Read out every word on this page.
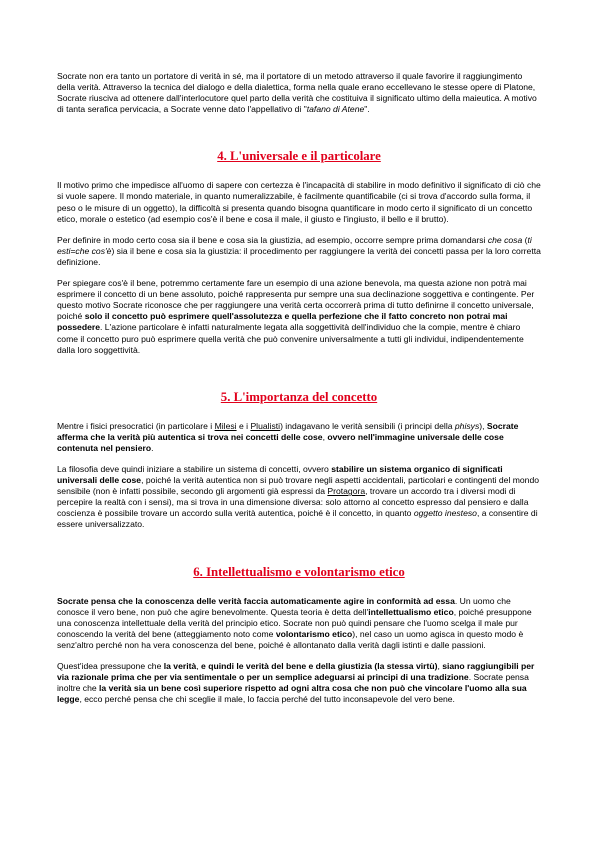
Socrate non era tanto un portatore di verità in sé, ma il portatore di un metodo attraverso il quale favorire il raggiungimento della verità. Attraverso la tecnica del dialogo e della dialettica, forma nella quale erano eccellevano le stesse opere di Platone, Socrate riusciva ad ottenere dall'interlocutore quel parto della verità che costituiva il significato ultimo della maieutica. A motivo di tanta serafica pervicacia, a Socrate venne dato l'appellativo di "tafano di Atene".

4. L'universale e il particolare

Il motivo primo che impedisce all'uomo di sapere con certezza è l'incapacità di stabilire in modo definitivo il significato di ciò che si vuole sapere. Il mondo materiale, in quanto numeralizzabile, è facilmente quantificabile (ci si trova d'accordo sulla forma, il peso o le misure di un oggetto), la difficoltà si presenta quando bisogna quantificare in modo certo il significato di un concetto etico, morale o estetico (ad esempio cos'è il bene e cosa il male, il giusto e l'ingiusto, il bello e il brutto).

Per definire in modo certo cosa sia il bene e cosa sia la giustizia, ad esempio, occorre sempre prima domandarsi che cosa (ti esti=che cos'è) sia il bene e cosa sia la giustizia: il procedimento per raggiungere la verità dei concetti passa per la loro corretta definizione.

Per spiegare cos'è il bene, potremmo certamente fare un esempio di una azione benevola, ma questa azione non potrà mai esprimere il concetto di un bene assoluto, poiché rappresenta pur sempre una sua declinazione soggettiva e contingente. Per questo motivo Socrate riconosce che per raggiungere una verità certa occorrerà prima di tutto definirne il concetto universale, poiché solo il concetto può esprimere quell'assolutezza e quella perfezione che il fatto concreto non potrai mai possedere. L'azione particolare è infatti naturalmente legata alla soggettività dell'individuo che la compie, mentre è chiaro come il concetto puro può esprimere quella verità che può convenire universalmente a tutti gli individui, indipendentemente dalla loro soggettività.

5. L'importanza del concetto

Mentre i fisici presocratici (in particolare i Milesi e i Plualisti) indagavano le verità sensibili (i principi della phisys), Socrate afferma che la verità più autentica si trova nei concetti delle cose, ovvero nell'immagine universale delle cose contenuta nel pensiero.

La filosofia deve quindi iniziare a stabilire un sistema di concetti, ovvero stabilire un sistema organico di significati universali delle cose, poiché la verità autentica non si può trovare negli aspetti accidentali, particolari e contingenti del mondo sensibile (non è infatti possibile, secondo gli argomenti già espressi da Protagora, trovare un accordo tra i diversi modi di percepire la realtà con i sensi), ma si trova in una dimensione diversa: solo attorno al concetto espresso dal pensiero e dalla coscienza è possibile trovare un accordo sulla verità autentica, poiché è il concetto, in quanto oggetto inesteso, a consentire di essere universalizzato.

6. Intellettualismo e volontarismo etico

Socrate pensa che la conoscenza delle verità faccia automaticamente agire in conformità ad essa. Un uomo che conosce il vero bene, non può che agire benevolmente. Questa teoria è detta dell'intellettualismo etico, poiché presuppone una conoscenza intellettuale della verità del principio etico. Socrate non può quindi pensare che l'uomo scelga il male pur conoscendo la verità del bene (atteggiamento noto come volontarismo etico), nel caso un uomo agisca in questo modo è senz'altro perché non ha vera conoscenza del bene, poiché è allontanato dalla verità dagli istinti e dalle passioni.

Quest'idea pressupone che la verità, e quindi le verità del bene e della giustizia (la stessa virtù), siano raggiungibili per via razionale prima che per via sentimentale o per un semplice adeguarsi ai principi di una tradizione. Socrate pensa inoltre che la verità sia un bene così superiore rispetto ad ogni altra cosa che non può che vincolare l'uomo alla sua legge, ecco perché pensa che chi sceglie il male, lo faccia perché del tutto inconsapevole del vero bene.
